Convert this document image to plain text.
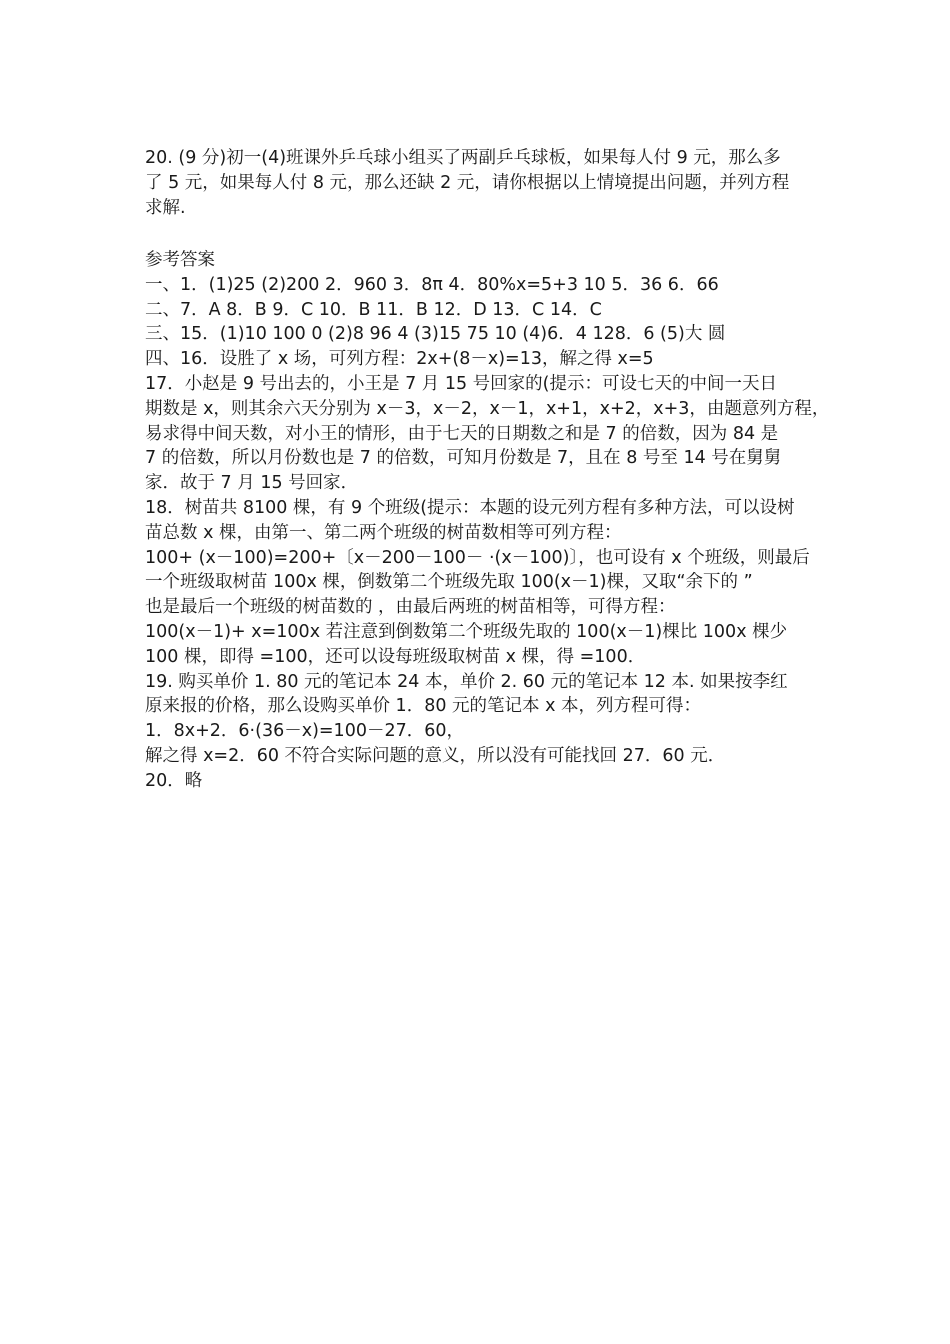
20. (9 分)初一(4)班课外乒乓球小组买了两副乒乓球板，如果每人付 9 元，那么多

了 5 元，如果每人付 8 元，那么还缺 2 元，请你根据以上情境提出问题，并列方程

求解.

参考答案

一、1．(1)25 (2)200 2．960 3．8π 4．80%x=5+3 10 5．36 6．66

二、7．A 8．B 9．C 10．B 11．B 12．D 13．C 14．C

三、15．(1)10 100 0 (2)8 96 4 (3)15 75 10 (4)6．4 128．6 (5)大 圆

四、16．设胜了 x 场，可列方程：2x+(8－x)=13，解之得 x=5

17．小赵是 9 号出去的，小王是 7 月 15 号回家的(提示：可设七天的中间一天日

期数是 x，则其余六天分别为 x－3，x－2，x－1，x+1，x+2，x+3，由题意列方程，

易求得中间天数，对小王的情形，由于七天的日期数之和是 7 的倍数，因为 84 是

7 的倍数，所以月份数也是 7 的倍数，可知月份数是 7，且在 8 号至 14 号在舅舅

家．故于 7 月 15 号回家．

18．树苗共 8100 棵，有 9 个班级(提示：本题的设元列方程有多种方法，可以设树

苗总数 x 棵，由第一、第二两个班级的树苗数相等可列方程：

100+ (x－100)=200+〔x－200－100－ ·(x－100)〕，也可设有 x 个班级，则最后

一个班级取树苗 100x 棵，倒数第二个班级先取 100(x－1)棵，又取“余下的 ”

也是最后一个班级的树苗数的 ，由最后两班的树苗相等，可得方程：

100(x－1)+ x=100x 若注意到倒数第二个班级先取的 100(x－1)棵比 100x 棵少

100 棵，即得 =100，还可以设每班级取树苗 x 棵，得 =100．

19. 购买单价 1. 80 元的笔记本 24 本，单价 2. 60 元的笔记本 12 本. 如果按李红

原来报的价格，那么设购买单价 1．80 元的笔记本 x 本，列方程可得：

1．8x+2．6·(36－x)=100－27．60，

解之得 x=2．60 不符合实际问题的意义，所以没有可能找回 27．60 元．

20．略
